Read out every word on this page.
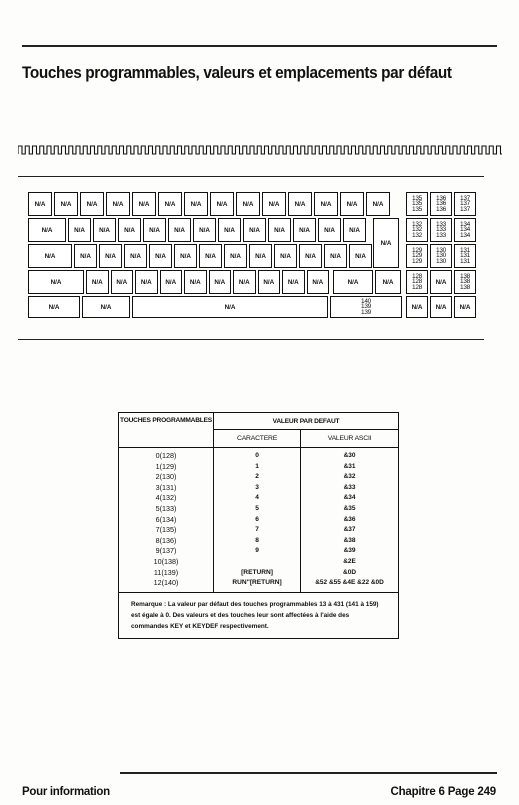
Touches programmables, valeurs et emplacements par défaut
N/A	N/A	N/A	N/A	N/A	N/A	N/A	N/A	N/A	N/A	N/A	N/A	N/A	N/A
N/A	N/A	N/A	N/A	N/A	N/A	N/A	N/A	N/A	N/A	N/A	N/A	N/A
N/A	N/A	N/A	N/A	N/A	N/A	N/A	N/A	N/A	N/A	N/A	N/A	N/A
N/A
N/A	N/A	N/A	N/A	N/A	N/A	N/A	N/A	N/A	N/A	N/A	N/A	N/A
N/A	N/A	N/A
140
139
139
135
135
135
136
136
136
137
137
137
132
132
132
133
133
133
134
134
134
129
129
129
130
130
130
131
131
131
128
128
128
N/A
138
138
138
N/A	N/A	N/A
TOUCHES PROGRAMMABLES	VALEUR PAR DEFAUT	
	CARACTERE	VALEUR ASCII
0(128)	0	&30
1(129)	1	&31
2(130)	2	&32
3(131)	3	&33
4(132)	4	&34
5(133)	5	&35
6(134)	6	&36
7(135)	7	&37
8(136)	8	&38
9(137)	9	&39
10(138)		&2E
11(139)	[RETURN]	&0D
12(140)	RUN"[RETURN]	&52 &55 &4E &22 &0D
Remarque : La valeur par défaut des touches programmables 13 à 431 (141 à 159) est égale à 0. Des valeurs et des touches leur sont affectées à l'aide des commandes KEY et KEYDEF respectivement.		
Pour information	Chapitre 6 Page 249
